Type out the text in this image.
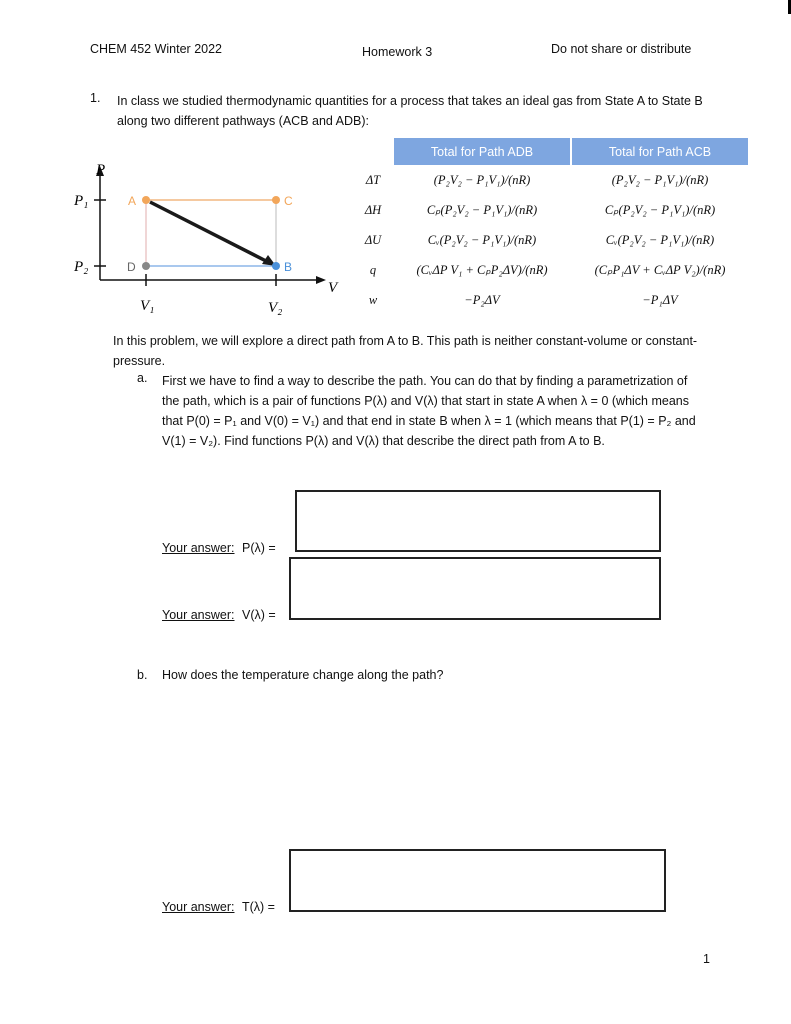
CHEM 452 Winter 2022	Homework 3	Do not share or distribute
1. In class we studied thermodynamic quantities for a process that takes an ideal gas from State A to State B along two different pathways (ACB and ADB):
P
V
P₁
P₂
V₁	V₂
A	C
D	B
	Total for Path ADB		Total for Path ACB
ΔT	(P₂V₂ − P₁V₁)/(nR)		(P₂V₂ − P₁V₁)/(nR)
ΔH	Cₚ(P₂V₂ − P₁V₁)/(nR)		Cₚ(P₂V₂ − P₁V₁)/(nR)
ΔU	Cᵥ(P₂V₂ − P₁V₁)/(nR)		Cᵥ(P₂V₂ − P₁V₁)/(nR)
q	(CᵥΔP V₁ + CₚP₂ΔV)/(nR)		(CₚP₁ΔV + CᵥΔP V₂)/(nR)
w	−P₂ΔV		−P₁ΔV
In this problem, we will explore a direct path from A to B. This path is neither constant-volume or constant-pressure.
a. First we have to find a way to describe the path. You can do that by finding a parametrization of the path, which is a pair of functions P(λ) and V(λ) that start in state A when λ = 0 (which means that P(0) = P₁ and V(0) = V₁) and that end in state B when λ = 1 (which means that P(1) = P₂ and V(1) = V₂). Find functions P(λ) and V(λ) that describe the direct path from A to B.
Your answer: P(λ) =
Your answer: V(λ) =
b. How does the temperature change along the path?
Your answer: T(λ) =
1
